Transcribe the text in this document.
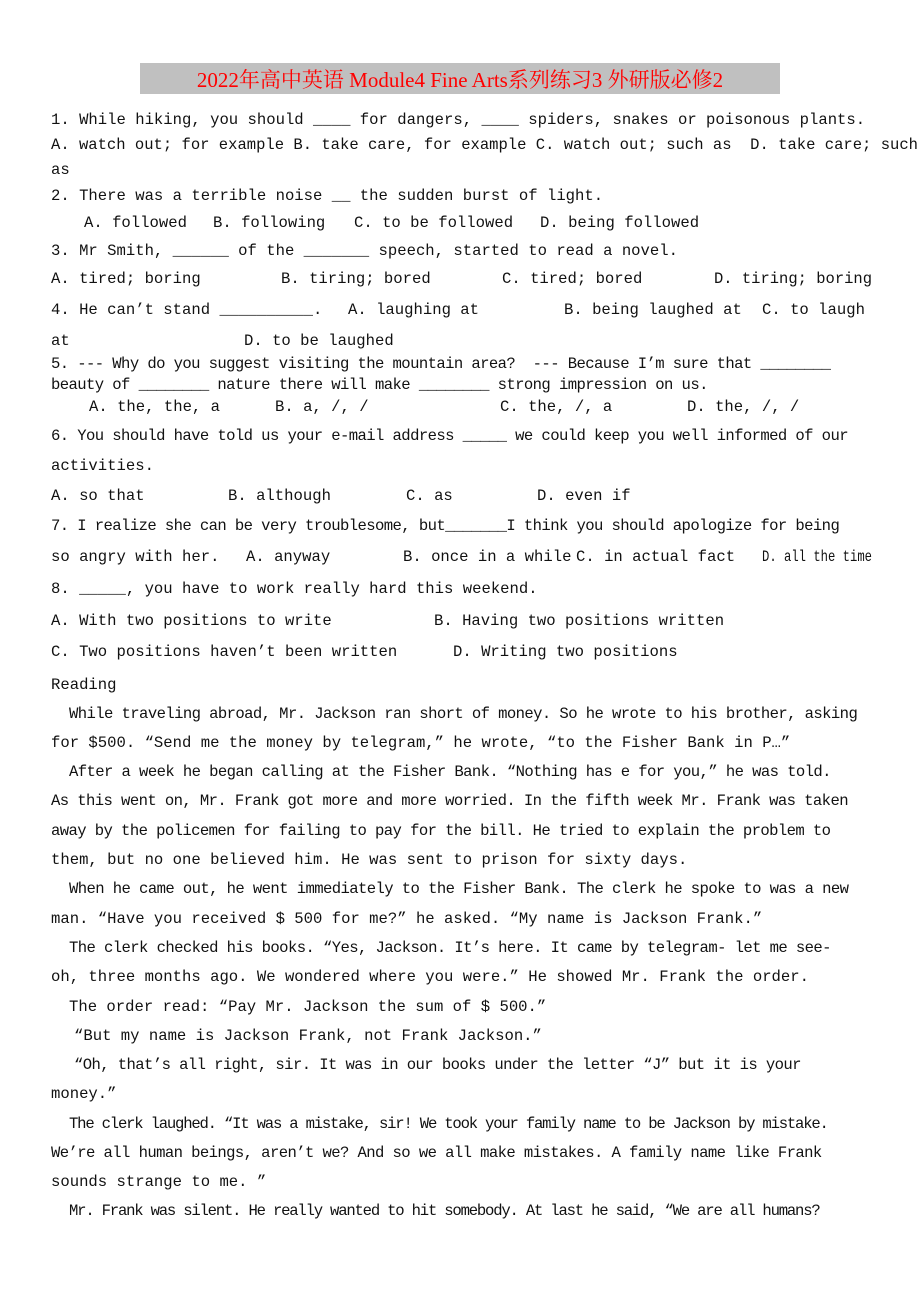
2022年高中英语 Module4 Fine Arts系列练习3 外研版必修2
1. While hiking, you should ____ for dangers, ____ spiders, snakes or poisonous plants.
A. watch out; for example B. take care, for example C. watch out; such as  D. take care; such
as
2. There was a terrible noise __ the sudden burst of light.
A. followed B. following C. to be followed D. being followed
3. Mr Smith, ______ of the _______ speech, started to read a novel.
A. tired; boring	B. tiring; bored	C. tired; bored	D. tiring; boring
4. He can’t stand __________. A. laughing at	B. being laughed at C. to laugh
at	D. to be laughed
5. --- Why do you suggest visiting the mountain area?  --- Because I’m sure that ________
beauty of ________ nature there will make ________ strong impression on us.
A. the, the, a	B. a, /, /	C. the, /, a	D. the, /, /
6. You should have told us your e-mail address _____ we could keep you well informed of our
activities.
A. so that	B. although	C. as	D. even if
7. I realize she can be very troublesome, but_______I think you should apologize for being
so angry with her. A. anyway	B. once in a while C. in actual fact D. all the time
8. _____, you have to work really hard this weekend.
A. With two positions to write	B. Having two positions written
C. Two positions haven’t been written	D. Writing two positions
Reading
While traveling abroad, Mr. Jackson ran short of money. So he wrote to his brother, asking
for $500. “Send me the money by telegram,” he wrote, “to the Fisher Bank in P…”
After a week he began calling at the Fisher Bank. “Nothing has e for you,” he was told.
As this went on, Mr. Frank got more and more worried. In the fifth week Mr. Frank was taken
away by the policemen for failing to pay for the bill. He tried to explain the problem to
them, but no one believed him. He was sent to prison for sixty days.
When he came out, he went immediately to the Fisher Bank. The clerk he spoke to was a new
man. “Have you received $ 500 for me?” he asked. “My name is Jackson Frank.”
The clerk checked his books. “Yes, Jackson. It’s here. It came by telegram- let me see-
oh, three months ago. We wondered where you were.” He showed Mr. Frank the order.
The order read: “Pay Mr. Jackson the sum of $ 500.”
“But my name is Jackson Frank, not Frank Jackson.”
“Oh, that’s all right, sir. It was in our books under the letter “J” but it is your
money.”
The clerk laughed. “It was a mistake, sir! We took your family name to be Jackson by mistake.
We’re all human beings, aren’t we? And so we all make mistakes. A family name like Frank
sounds strange to me. ”
Mr. Frank was silent. He really wanted to hit somebody. At last he said, “We are all humans?
